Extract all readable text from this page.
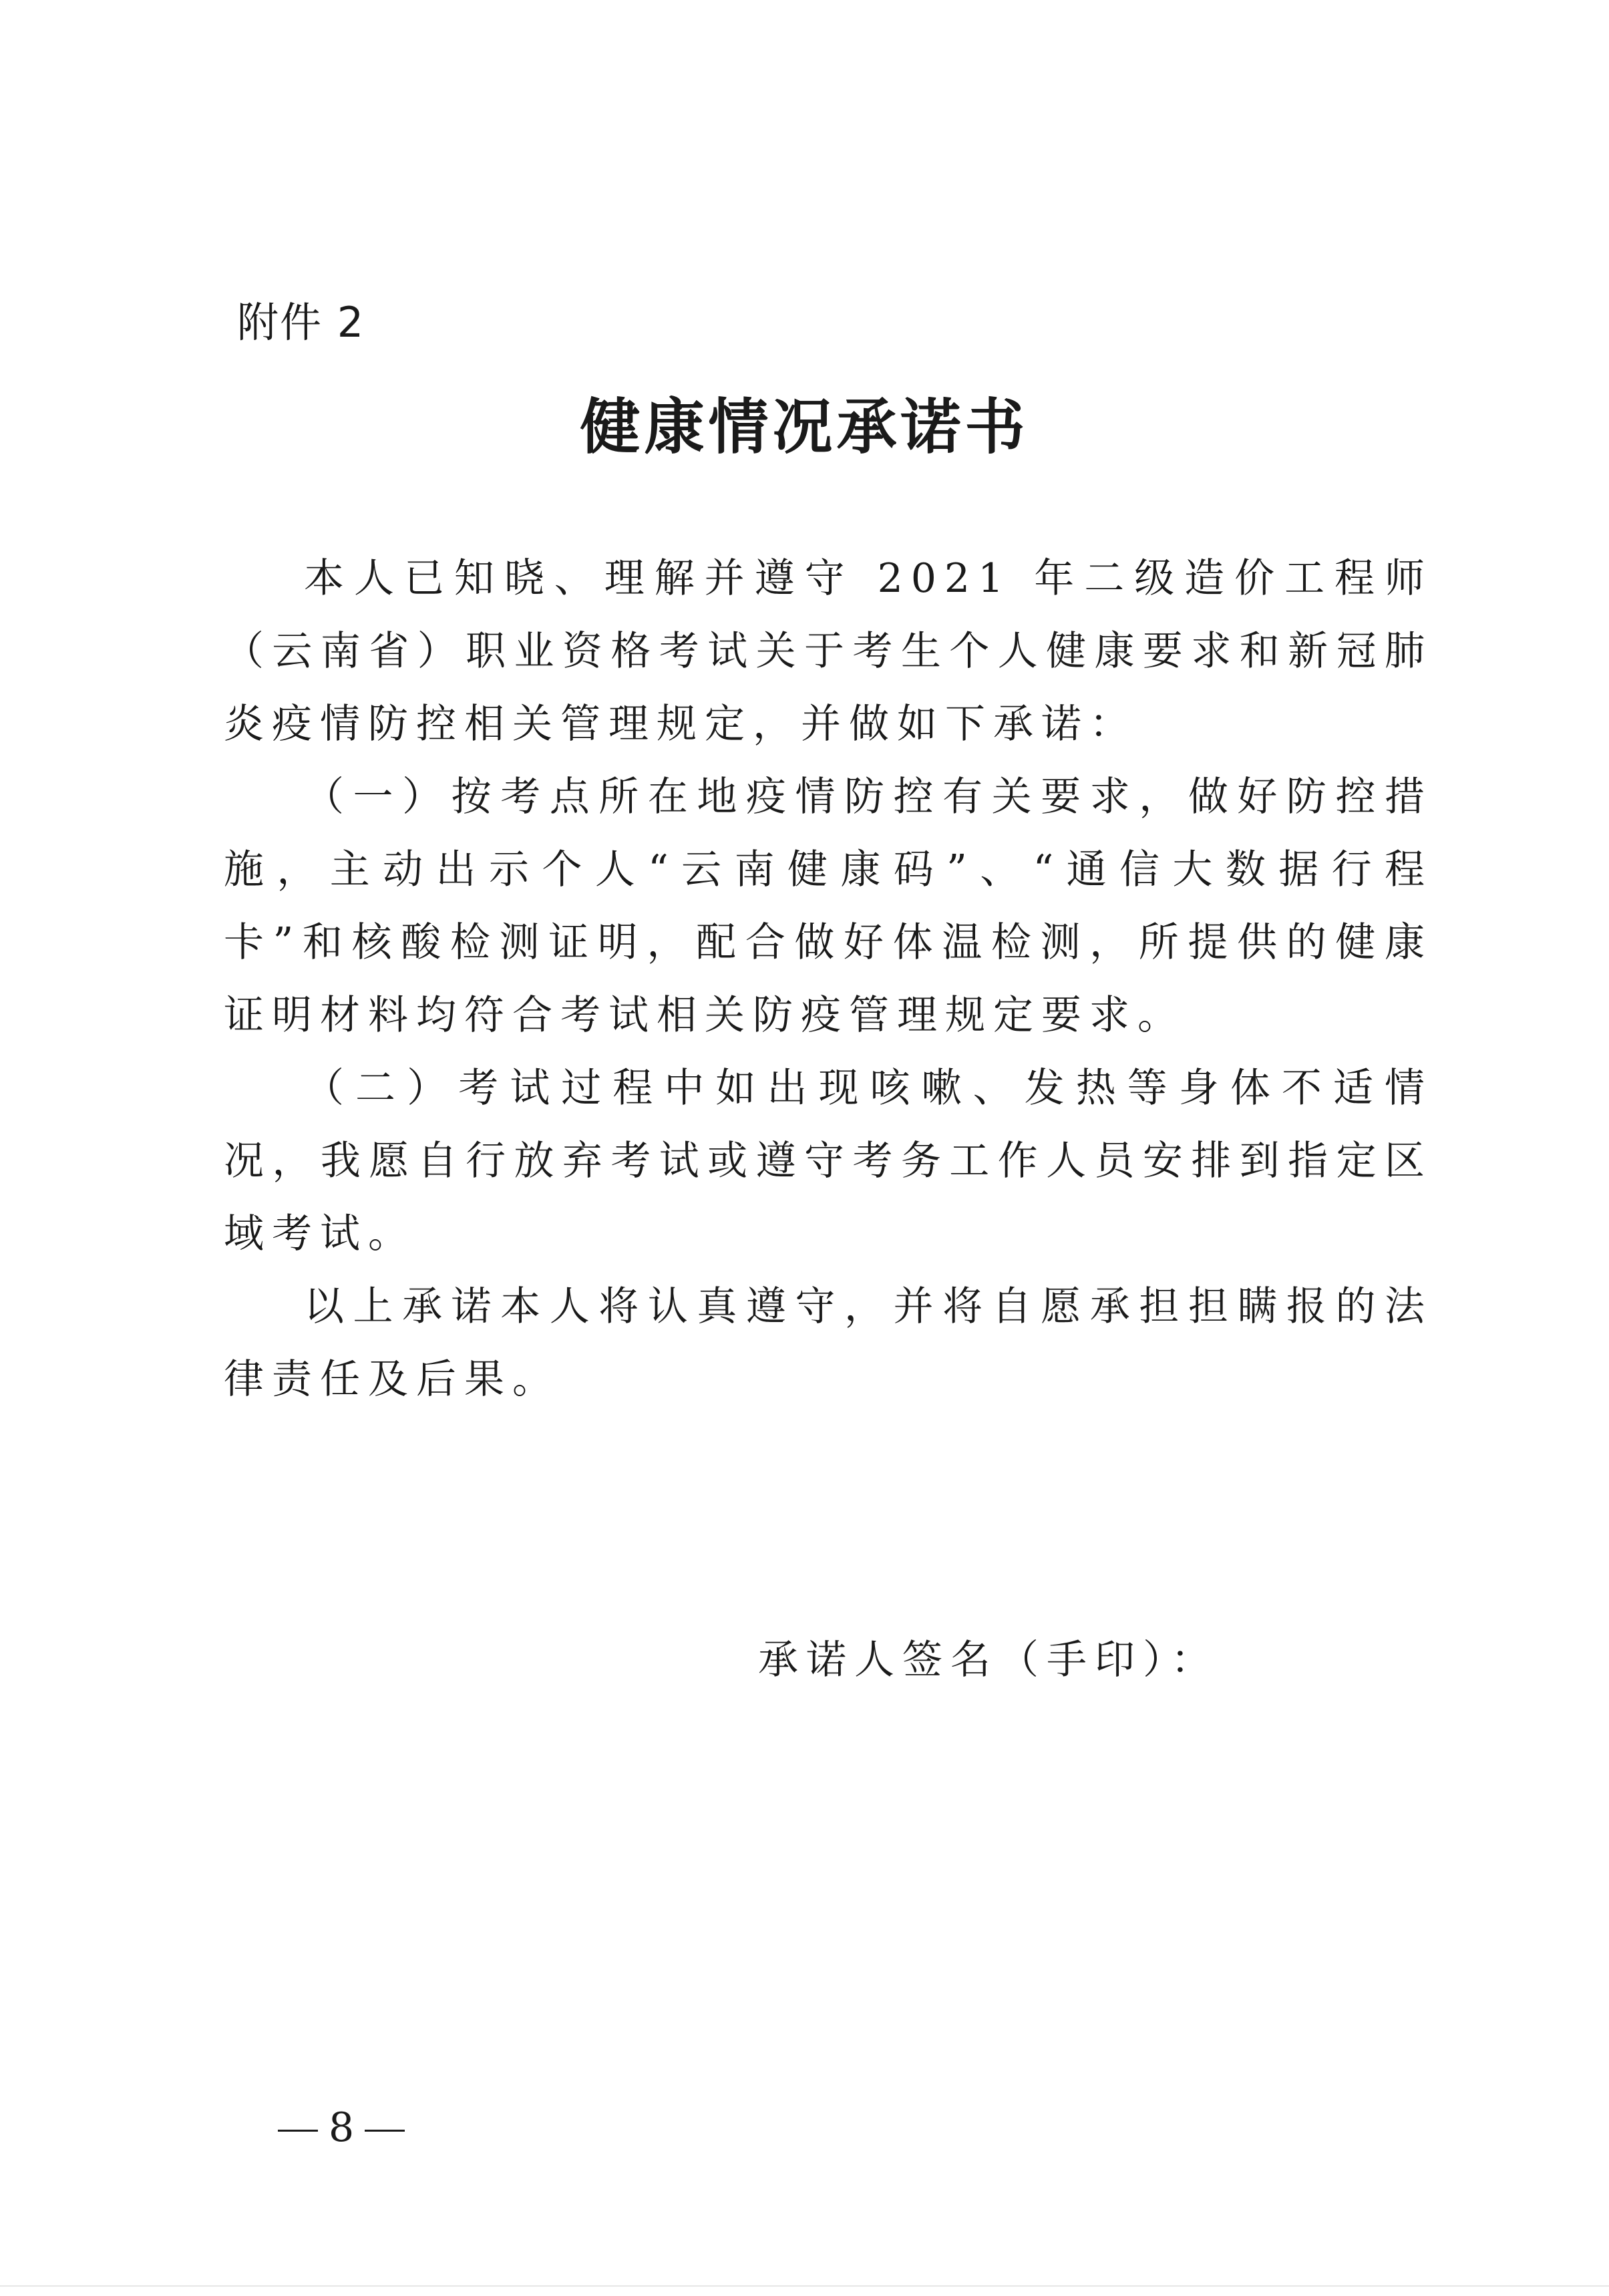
附件 2
健康情况承诺书

本人已知晓、理解并遵守 2021 年二级造价工程师（云南省）职业资格考试关于考生个人健康要求和新冠肺炎疫情防控相关管理规定，并做如下承诺：

（一）按考点所在地疫情防控有关要求，做好防控措施，主动出示个人“云南健康码”、“通信大数据行程卡”和核酸检测证明，配合做好体温检测，所提供的健康证明材料均符合考试相关防疫管理规定要求。

（二）考试过程中如出现咳嗽、发热等身体不适情况，我愿自行放弃考试或遵守考务工作人员安排到指定区域考试。

以上承诺本人将认真遵守，并将自愿承担担瞒报的法律责任及后果。

承诺人签名（手印）：
8
